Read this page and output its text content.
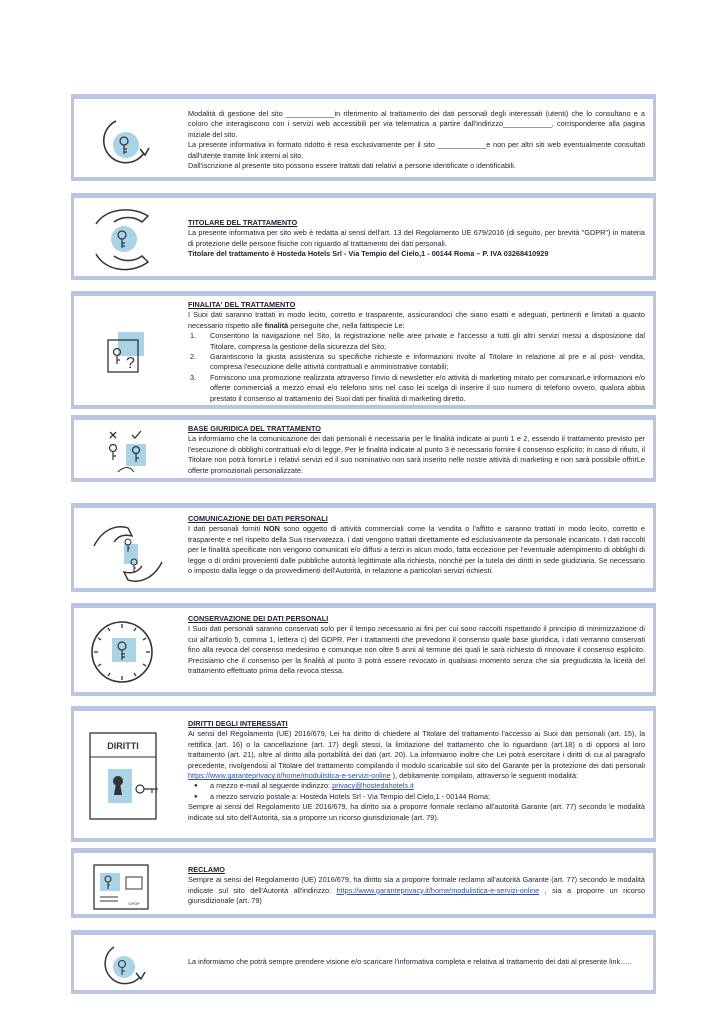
Modalità di gestione del sito ____________in riferimento al trattamento dei dati personali degli interessati (utenti) che lo consultano e a coloro che interagiscono con i servizi web accessibili per via telematica a partire dall'indirizzo____________, corrispondente alla pagina iniziale del sito.

La presente informativa in formato ridotto è resa esclusivamente per il sito ____________e non per altri siti web eventualmente consultati dall'utente tramite link interni al sito.

Dall'iscrizione al presente sito possono essere trattati dati relativi a persone identificate o identificabili.

TITOLARE DEL TRATTAMENTO

La presente informativa per sito web è redatta ai sensi dell'art. 13 del Regolamento UE 679/2016 (di seguito, per brevità "GDPR") in materia di protezione delle persone fisiche con riguardo al trattamento dei dati personali.

Titolare del trattamento è Hosteda Hotels Srl - Via Tempio del Cielo,1 - 00144 Roma – P. IVA 03268410929

?
FINALITA' DEL TRATTAMENTO

I Suoi dati saranno trattati in modo lecito, corretto e trasparente, assicurandoci che siano esatti e adeguati, pertinenti e limitati a quanto necessario rispetto alle finalità perseguite che, nella fattispecie Le:

1. Consentono la navigazione nel Sito, la registrazione nelle aree private e l'accesso a tutti gli altri servizi messi a disposizione dal Titolare, compresa la gestione della sicurezza del Sito;
2. Garantiscono la giusta assistenza su specifiche richieste e informazioni rivolte al Titolare in relazione al pre e al post- vendita, compresa l'esecuzione delle attività contrattuali e amministrative contabili;
3. Forniscono una promozione realizzata attraverso l'invio di newsletter e/o attività di marketing mirato per comunicarLe informazioni e/o offerte commerciali a mezzo email e/o telefono sms nel caso lei scelga di inserire il suo numero di telefono ovvero, qualora abbia prestato il consenso al trattamento dei Suoi dati per finalità di marketing diretto.
BASE GIURIDICA DEL TRATTAMENTO

La informiamo che la comunicazione dei dati personali è necessaria per le finalità indicate ai punti 1 e 2, essendo il trattamento previsto per l'esecuzione di obblighi contrattuali e/o di legge. Per le finalità indicate al punto 3 è necessario fornire il consenso esplicito; in caso di rifiuto, il Titolare non potrà fornirLe i relativi servizi ed il suo nominativo non sarà inserito nelle nostre attività di marketing e non sarà possibile offrirLe offerte promozionali personalizzate.

COMUNICAZIONE DEI DATI PERSONALI

I dati personali forniti NON sono oggetto di attività commerciali come la vendita o l'affitto e saranno trattati in modo lecito, corretto e trasparente e nel rispetto della Sua riservatezza. I dati vengono trattati direttamente ed esclusivamente da personale incaricato. I dati raccolti per le finalità specificate non vengono comunicati e/o diffusi a terzi in alcun modo, fatta eccezione per l'eventuale adempimento di obblighi di legge o di ordini provenienti dalle pubbliche autorità legittimate alla richiesta, nonché per la tutela dei diritti in sede giudiziaria. Se necessario o imposto dalla legge o da provvedimenti dell'Autorità, in relazione a particolari servizi richiesti.

CONSERVAZIONE DEI DATI PERSONALI

I Suoi dati personali saranno conservati solo per il tempo necessario ai fini per cui sono raccolti rispettando il principio di minimizzazione di cui all'articolo 5, comma 1, lettera c) del GDPR. Per i trattamenti che prevedono il consenso quale base giuridica, i dati verranno conservati fino alla revoca del consenso medesimo e comunque non oltre 5 anni al termine dei quali le sarà richiesto di rinnovare il consenso esplicito. Precisiamo che il consenso per la finalità al punto 3 potrà essere revocato in qualsiasi momento senza che sia pregiudicata la liceità del trattamento effettuato prima della revoca stessa.

DIRITTI
DIRITTI DEGLI INTERESSATI

Ai sensi del Regolamento (UE) 2016/679, Lei ha diritto di chiedere al Titolare del trattamento l'accesso ai Suoi dati personali (art. 15), la rettifica (art. 16) o la cancellazione (art. 17) degli stessi, la limitazione del trattamento che lo riguardano (art.18) o di opporsi al loro trattamento (art. 21), oltre al diritto alla portabilità dei dati (art. 20). La informiamo inoltre che Lei potrà esercitare i diritti di cui al paragrafo precedente, rivolgendosi al Titolare del trattamento compilando il modulo scaricabile sul sito del Garante per la protezione dei dati personali https://www.garanteprivacy.it/home/modulistica-e-servizi-online ), debitamente compilato, attraverso le seguenti modalità:

● a mezzo e-mail al seguente indirizzo: privacy@hostedahotels.it
● a mezzo servizio postale a: Hosteda Hotels Srl - Via Tempio del Cielo,1 - 00144 Roma;

Sempre ai sensi del Regolamento UE 2016/679, ha diritto sia a proporre formale reclamo all'autorità Garante (art. 77) secondo le modalità indicate sul sito dell'Autorità, sia a proporre un ricorso giurisdizionale (art. 79).

GPDP
RECLAMO

Sempre ai sensi del Regolamento (UE) 2016/679, ha diritto sia a proporre formale reclamo all'autorità Garante (art. 77) secondo le modalità indicate sul sito dell'Autorità all'indirizzo: https://www.garanteprivacy.it/home/modulistica-e-servizi-online , sia a proporre un ricorso giurisdizionale (art. 79)

La informiamo che potrà sempre prendere visione e/o scaricare l'informativa completa e relativa al trattamento dei dati al presente link…..
